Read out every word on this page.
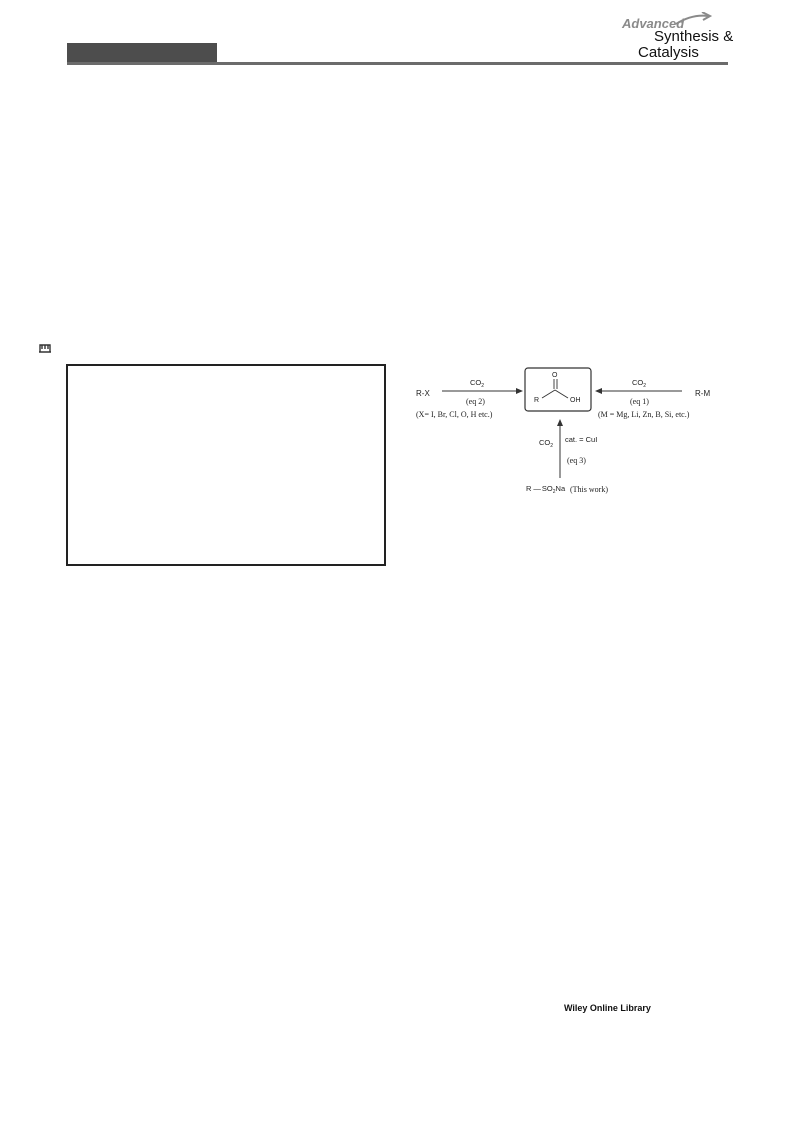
Advanced
Synthesis &
Catalysis
O
R	OH
R-X
$CO_2$
(eq 2)
(X= I, Br, Cl, O, H etc.)
R-M
$CO_2$
(eq 1)
(M = Mg, Li, Zn, B, Si, etc.)
$CO_2$
cat. = CuI
(eq 3)
R $—SO_2Na$ (This work)
Wiley Online Library
